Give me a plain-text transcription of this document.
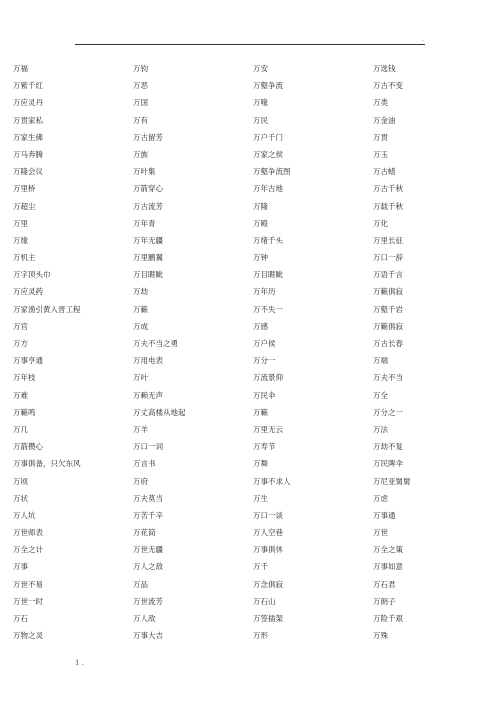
.
万福	万钧	万安	万选钱
万紫千红	万恶	万壑争流	万古不变
万应灵丹	万国	万喙	万类
万贯家私	万有	万民	万金油
万家生佛	万古留芳	万户千门	万贯
万马奔腾	万族	万家之侯	万玉
万隆会议	万叶集	万壑争流图	万古蜡
万里桥	万箭穿心	万年古地	万古千秋
万超尘	万古流芳	万隆	万载千秋
万里	万年青	万殿	万化
万缘	万年无疆	万绪千头	万里长征
万机主	万里鹏翼	万钟	万口一辞
万字顶头巾	万目睚眦	万目睚眦	万语千言
万应灵药	万劫	万年历	万籁俱寂
万家渔引黄入晋工程	万籁	万不失一	万壑千岩
万官	万成	万感	万籁俱寂
万方	万夫不当之勇	万户侯	万古长春
万事亨通	万用电表	万分一	万端
万年枝	万叶	万流景仰	万夫不当
万难	万赖无声	万民伞	万全
万籁鸣	万丈高楼从地起	万籁	万分之一
万几	万羊	万里无云	万法
万箭攒心	万口一词	万寿节	万劫不复
万事俱备，只欠东风	万言书	万舞	万民陴伞
万顷	万府	万事不求人	万尼亚舅舅
万状	万夫莫当	万生	万虑
万人坑	万苦千辛	万口一谈	万事通
万世师表	万花筒	万人空巷	万世
万全之计	万世无疆	万事俱休	万全之策
万事	万人之敌	万千	万事如意
万世不易	万品	万念俱寂	万石君
万世一时	万世流芳	万石山	万朗子
万石	万人敌	万签插架	万险千艰
万物之灵	万事大吉	万形	万殊
1 .
